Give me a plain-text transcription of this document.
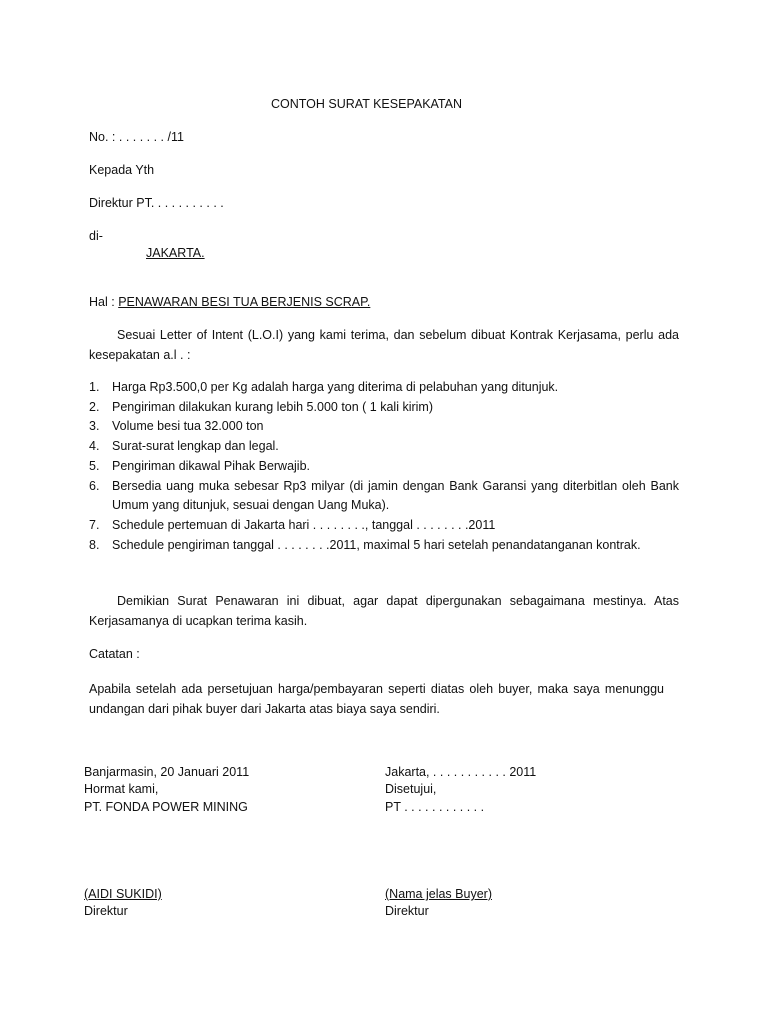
CONTOH SURAT KESEPAKATAN
No. : . . . . . . . /11
Kepada Yth
Direktur PT. . . . . . . . . . .
di-
JAKARTA.
Hal : PENAWARAN BESI TUA BERJENIS SCRAP.
Sesuai Letter of Intent (L.O.I) yang kami terima, dan sebelum dibuat Kontrak Kerjasama, perlu ada kesepakatan a.l . :
1. Harga Rp3.500,0 per Kg adalah harga yang diterima di pelabuhan yang ditunjuk.
2. Pengiriman dilakukan kurang lebih 5.000 ton ( 1 kali kirim)
3. Volume besi tua 32.000 ton
4. Surat-surat lengkap dan legal.
5. Pengiriman dikawal Pihak Berwajib.
6. Bersedia uang muka sebesar Rp3 milyar (di jamin dengan Bank Garansi yang diterbitlan oleh Bank Umum yang ditunjuk, sesuai dengan Uang Muka).
7. Schedule pertemuan di Jakarta hari . . . . . . . ., tanggal . . . . . . . .2011
8. Schedule pengiriman tanggal . . . . . . . .2011, maximal 5 hari setelah penandatanganan kontrak.
Demikian Surat Penawaran ini dibuat, agar dapat dipergunakan sebagaimana mestinya. Atas Kerjasamanya di ucapkan terima kasih.
Catatan :
Apabila setelah ada persetujuan harga/pembayaran seperti diatas oleh buyer, maka saya menunggu undangan dari pihak buyer dari Jakarta atas biaya saya sendiri.
Banjarmasin, 20 Januari 2011
Hormat kami,
PT. FONDA POWER MINING
(AIDI SUKIDI)
Direktur
Jakarta, . . . . . . . . . . . 2011
Disetujui,
PT . . . . . . . . . . . .
(Nama jelas Buyer)
Direktur
